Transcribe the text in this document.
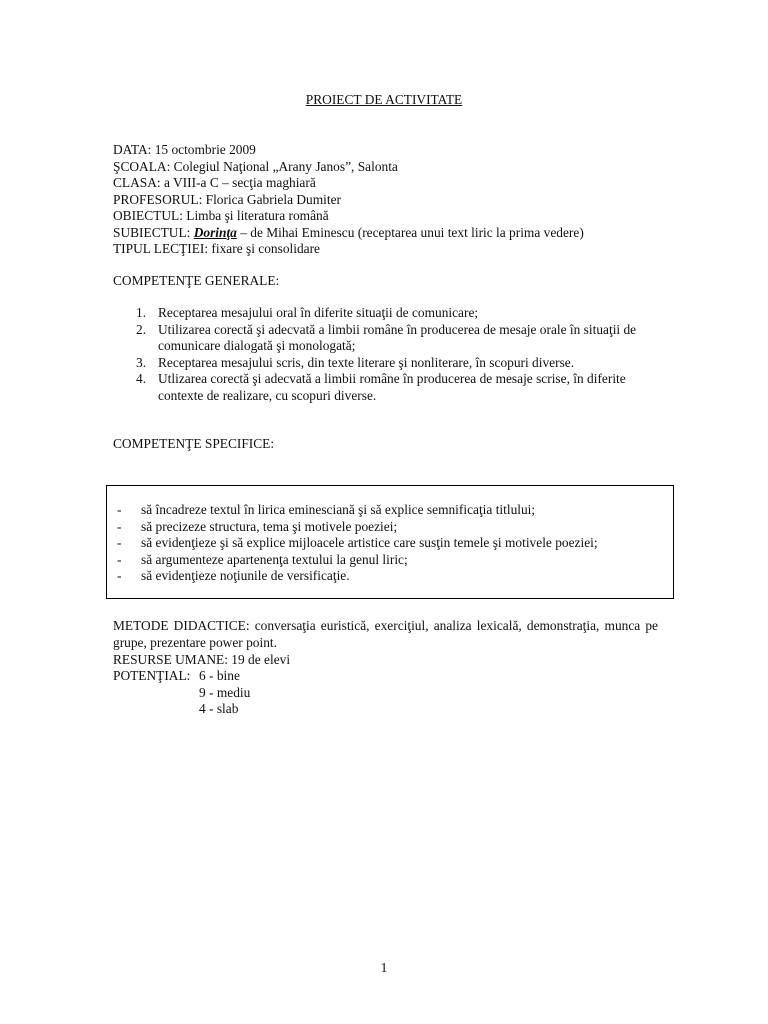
PROIECT DE ACTIVITATE
DATA: 15 octombrie 2009
ŞCOALA: Colegiul Naţional „Arany Janos”, Salonta
CLASA: a VIII-a C – secţia maghiară
PROFESORUL: Florica Gabriela Dumiter
OBIECTUL: Limba şi literatura română
SUBIECTUL: Dorinţa – de Mihai Eminescu (receptarea unui text liric la prima vedere)
TIPUL LECŢIEI: fixare şi consolidare
COMPETENŢE GENERALE:
1. Receptarea mesajului oral în diferite situaţii de comunicare;
2. Utilizarea corectă şi adecvată a limbii române în producerea de mesaje orale în situaţii de comunicare dialogată şi monologată;
3. Receptarea mesajului scris, din texte literare şi nonliterare, în scopuri diverse.
4. Utlizarea corectă şi adecvată a limbii române în producerea de mesaje scrise, în diferite contexte de realizare, cu scopuri diverse.
COMPETENŢE SPECIFICE:
- să încadreze textul în lirica eminesciană şi să explice semnificaţia titlului;
- să precizeze structura, tema şi motivele poeziei;
- să evidenţieze şi să explice mijloacele artistice care susţin temele şi motivele poeziei;
- să argumenteze apartenenţa textului la genul liric;
- să evidenţieze noţiunile de versificaţie.
METODE DIDACTICE: conversaţia euristică, exerciţiul, analiza lexicală, demonstraţia, munca pe grupe, prezentare power point.
RESURSE UMANE: 19 de elevi
POTENŢIAL: 6 - bine
9 - mediu
4 - slab
1
